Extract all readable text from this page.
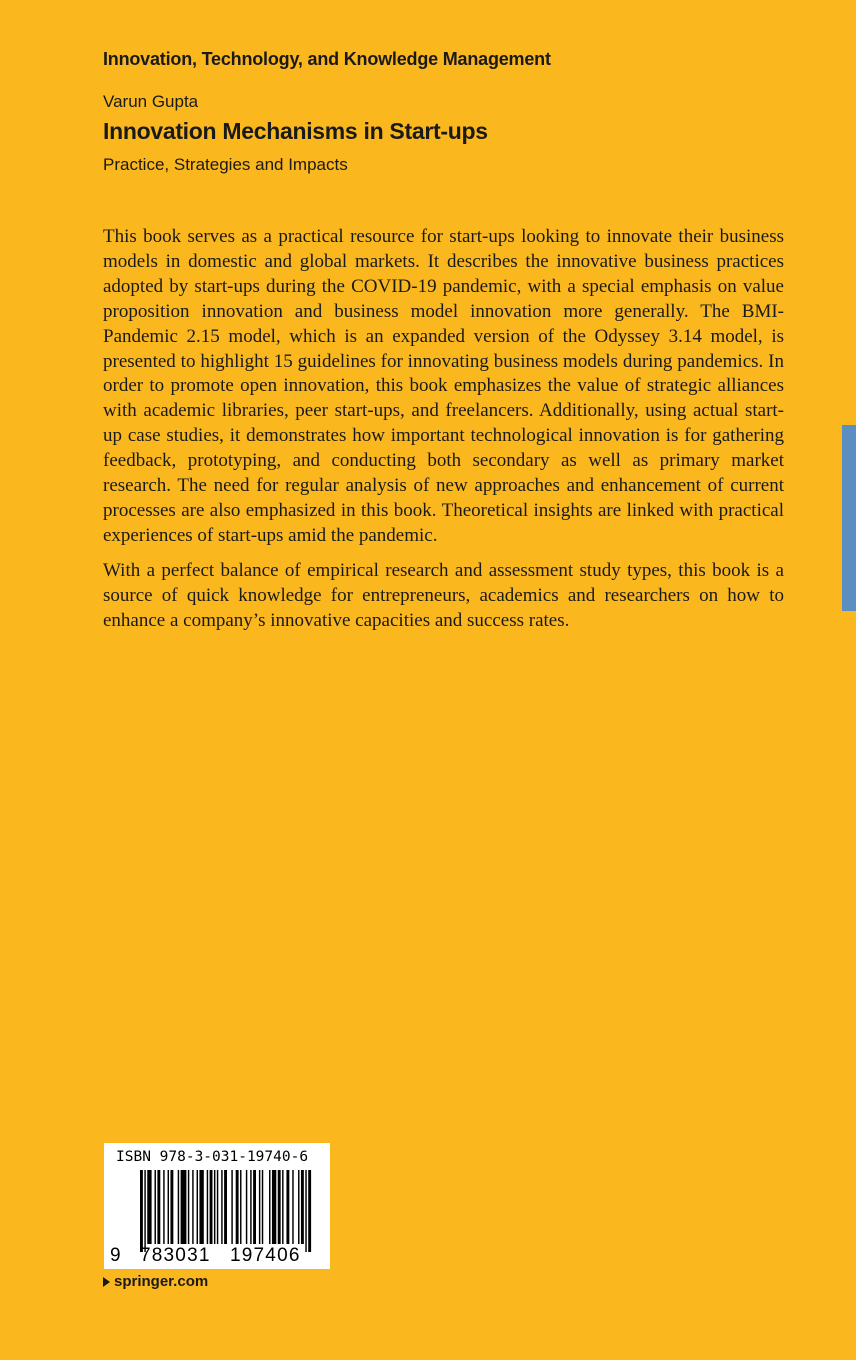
Innovation, Technology, and Knowledge Management
Varun Gupta
Innovation Mechanisms in Start-ups
Practice, Strategies and Impacts

This book serves as a practical resource for start-ups looking to innovate their business models in domestic and global markets. It describes the innovative business practices adopted by start-ups during the COVID-19 pandemic, with a special emphasis on value proposition innovation and business model innovation more generally. The BMI-Pandemic 2.15 model, which is an expanded version of the Odyssey 3.14 model, is presented to highlight 15 guidelines for innovating business models during pandemics. In order to promote open innovation, this book emphasizes the value of strategic alliances with academic libraries, peer start-ups, and freelancers. Additionally, using actual start-up case studies, it demonstrates how important technological innovation is for gathering feedback, prototyping, and conducting both secondary as well as primary market research. The need for regular analysis of new approaches and enhancement of current processes are also emphasized in this book. Theoretical insights are linked with practical experiences of start-ups amid the pandemic.

With a perfect balance of empirical research and assessment study types, this book is a source of quick knowledge for entrepreneurs, academics and researchers on how to enhance a company’s innovative capacities and success rates.

ISBN 978-3-031-19740-6
9 783031 197406
springer.com
